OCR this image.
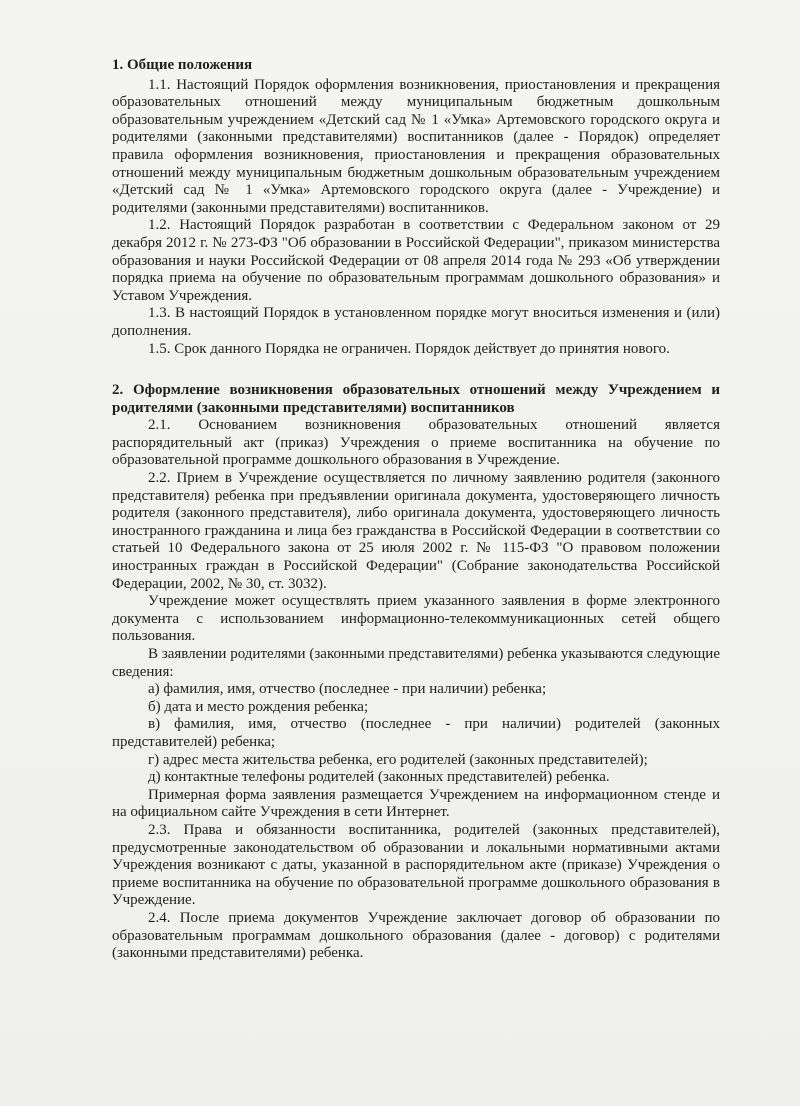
1. Общие положения

1.1. Настоящий Порядок оформления возникновения, приостановления и прекращения образовательных отношений между муниципальным бюджетным дошкольным образовательным учреждением «Детский сад № 1 «Умка» Артемовского городского округа и родителями (законными представителями) воспитанников (далее - Порядок) определяет правила оформления возникновения, приостановления и прекращения образовательных отношений между муниципальным бюджетным дошкольным образовательным учреждением «Детский сад № 1 «Умка» Артемовского городского округа (далее - Учреждение) и родителями (законными представителями) воспитанников.

1.2. Настоящий Порядок разработан в соответствии с Федеральном законом от 29 декабря 2012 г. № 273-ФЗ "Об образовании в Российской Федерации", приказом министерства образования и науки Российской Федерации от 08 апреля 2014 года № 293 «Об утверждении порядка приема на обучение по образовательным программам дошкольного образования» и Уставом Учреждения.

1.3. В настоящий Порядок в установленном порядке могут вноситься изменения и (или) дополнения.

1.5. Срок данного Порядка не ограничен. Порядок действует до принятия нового.

2. Оформление возникновения образовательных отношений между Учреждением и родителями (законными представителями) воспитанников

2.1. Основанием возникновения образовательных отношений является распорядительный акт (приказ) Учреждения о приеме воспитанника на обучение по образовательной программе дошкольного образования в Учреждение.

2.2. Прием в Учреждение осуществляется по личному заявлению родителя (законного представителя) ребенка при предъявлении оригинала документа, удостоверяющего личность родителя (законного представителя), либо оригинала документа, удостоверяющего личность иностранного гражданина и лица без гражданства в Российской Федерации в соответствии со статьей 10 Федерального закона от 25 июля 2002 г. № 115-ФЗ "О правовом положении иностранных граждан в Российской Федерации" (Собрание законодательства Российской Федерации, 2002, № 30, ст. 3032).

Учреждение может осуществлять прием указанного заявления в форме электронного документа с использованием информационно-телекоммуникационных сетей общего пользования.

В заявлении родителями (законными представителями) ребенка указываются следующие сведения:

а) фамилия, имя, отчество (последнее - при наличии) ребенка;

б) дата и место рождения ребенка;

в) фамилия, имя, отчество (последнее - при наличии) родителей (законных представителей) ребенка;

г) адрес места жительства ребенка, его родителей (законных представителей);

д) контактные телефоны родителей (законных представителей) ребенка.

Примерная форма заявления размещается Учреждением на информационном стенде и на официальном сайте Учреждения в сети Интернет.

2.3. Права и обязанности воспитанника, родителей (законных представителей), предусмотренные законодательством об образовании и локальными нормативными актами Учреждения возникают с даты, указанной в распорядительном акте (приказе) Учреждения о приеме воспитанника на обучение по образовательной программе дошкольного образования в Учреждение.

2.4. После приема документов Учреждение заключает договор об образовании по образовательным программам дошкольного образования (далее - договор) с родителями (законными представителями) ребенка.
